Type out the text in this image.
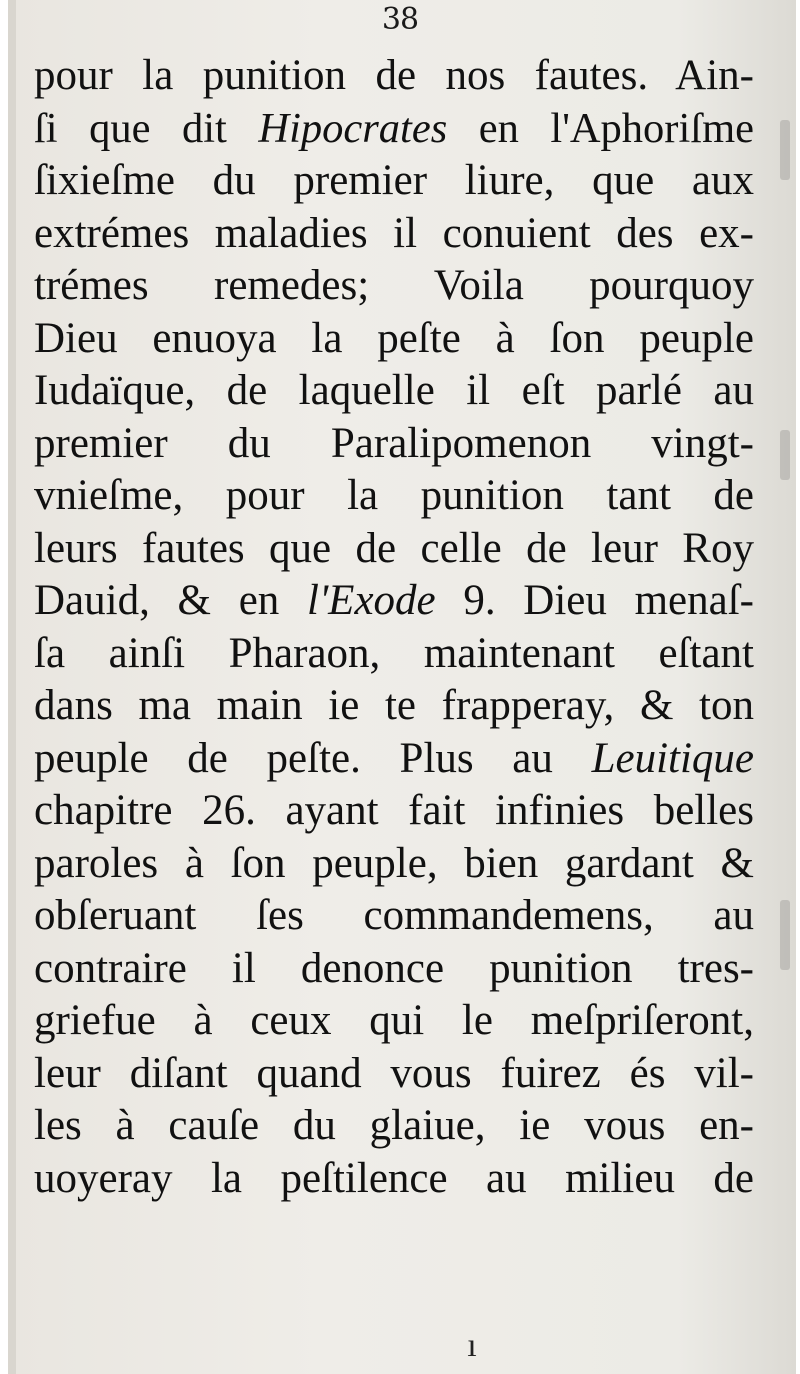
38
pour la punition de nos fautes. Ain-
ſi que dit Hipocrates en l'Aphoriſme
ſixieſme du premier liure, que aux
extrémes maladies il conuient des ex-
trémes remedes; Voila pourquoy
Dieu enuoya la peſte à ſon peuple
Iudaïque, de laquelle il eſt parlé au
premier du Paralipomenon vingt-
vnieſme, pour la punition tant de
leurs fautes que de celle de leur Roy
Dauid, & en l'Exode 9. Dieu menaſ-
ſa ainſi Pharaon, maintenant eſtant
dans ma main ie te frapperay, & ton
peuple de peſte. Plus au Leuitique
chapitre 26. ayant fait infinies belles
paroles à ſon peuple, bien gardant &
obſeruant ſes commandemens, au
contraire il denonce punition tres-
griefue à ceux qui le meſpriſeront,
leur diſant quand vous fuirez és vil-
les à cauſe du glaiue, ie vous en-
uoyeray la peſtilence au milieu de
ı
